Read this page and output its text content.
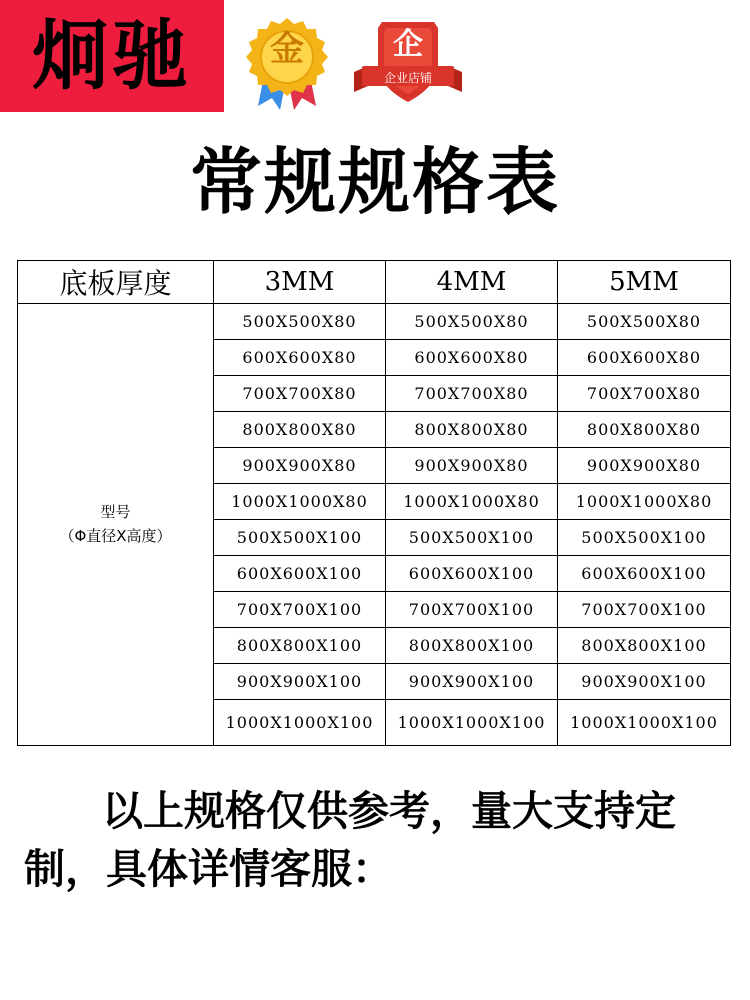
炯驰	金	企
企业店铺
常规规格表
底板厚度	3MM	4MM	5MM

型号
（Φ直径X高度）	500X500X80	500X500X80	500X500X80
	600X600X80	600X600X80	600X600X80
	700X700X80	700X700X80	700X700X80
	800X800X80	800X800X80	800X800X80
	900X900X80	900X900X80	900X900X80
	1000X1000X80	1000X1000X80	1000X1000X80
	500X500X100	500X500X100	500X500X100
	600X600X100	600X600X100	600X600X100
	700X700X100	700X700X100	700X700X100
	800X800X100	800X800X100	800X800X100
	900X900X100	900X900X100	900X900X100
	1000X1000X100	1000X1000X100	1000X1000X100
以上规格仅供参考，量大支持定制，具体详情客服：
